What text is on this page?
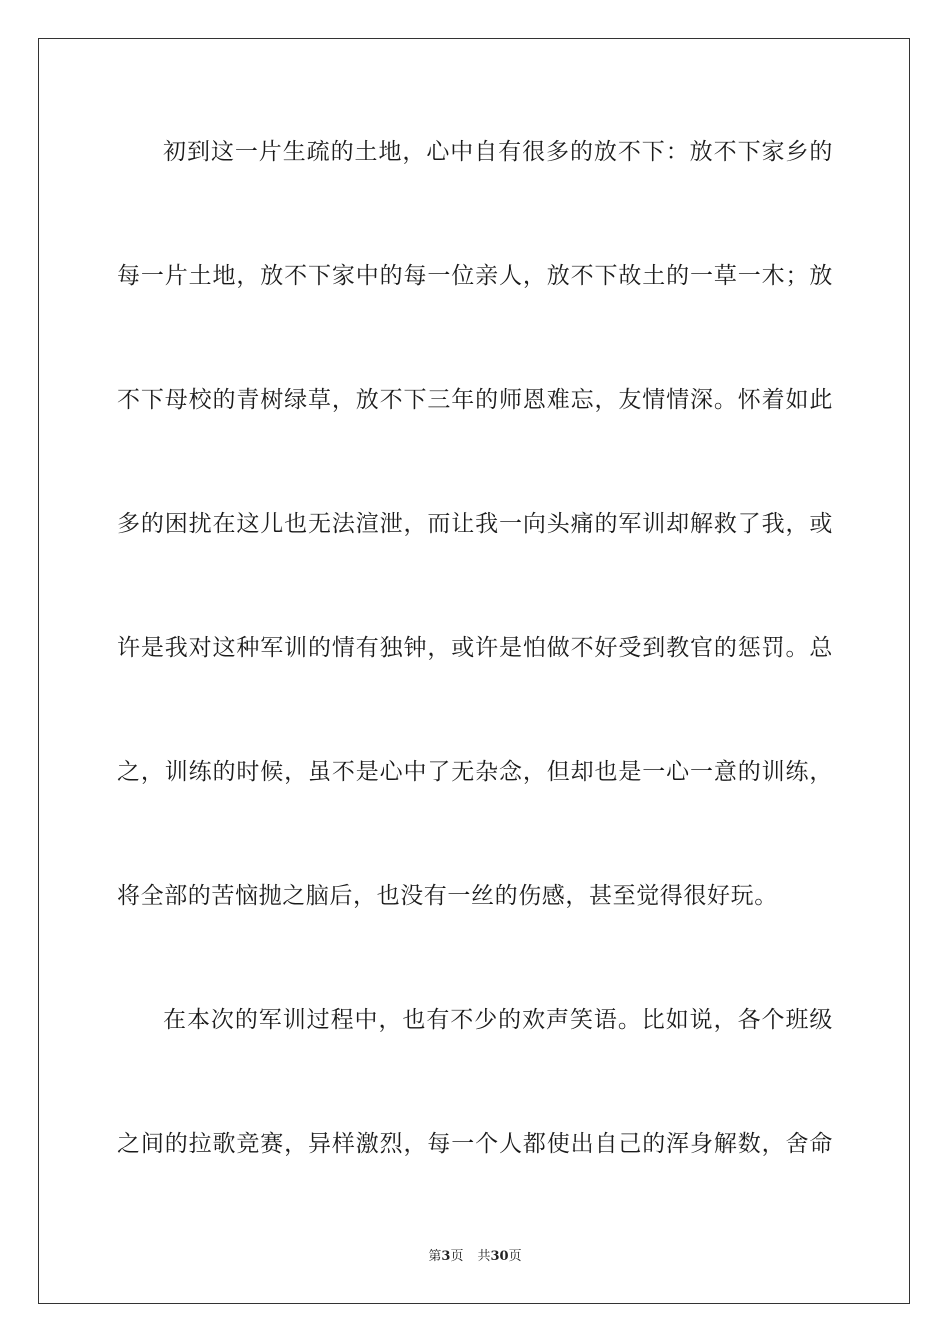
初到这一片生疏的土地，心中自有很多的放不下：放不下家乡的
每一片土地，放不下家中的每一位亲人，放不下故土的一草一木；放
不下母校的青树绿草，放不下三年的师恩难忘，友情情深。怀着如此
多的困扰在这儿也无法渲泄，而让我一向头痛的军训却解救了我，或
许是我对这种军训的情有独钟，或许是怕做不好受到教官的惩罚。总
之，训练的时候，虽不是心中了无杂念，但却也是一心一意的训练，
将全部的苦恼抛之脑后，也没有一丝的伤感，甚至觉得很好玩。
在本次的军训过程中，也有不少的欢声笑语。比如说，各个班级
之间的拉歌竞赛，异样激烈，每一个人都使出自己的浑身解数，舍命
第3页 共30页
